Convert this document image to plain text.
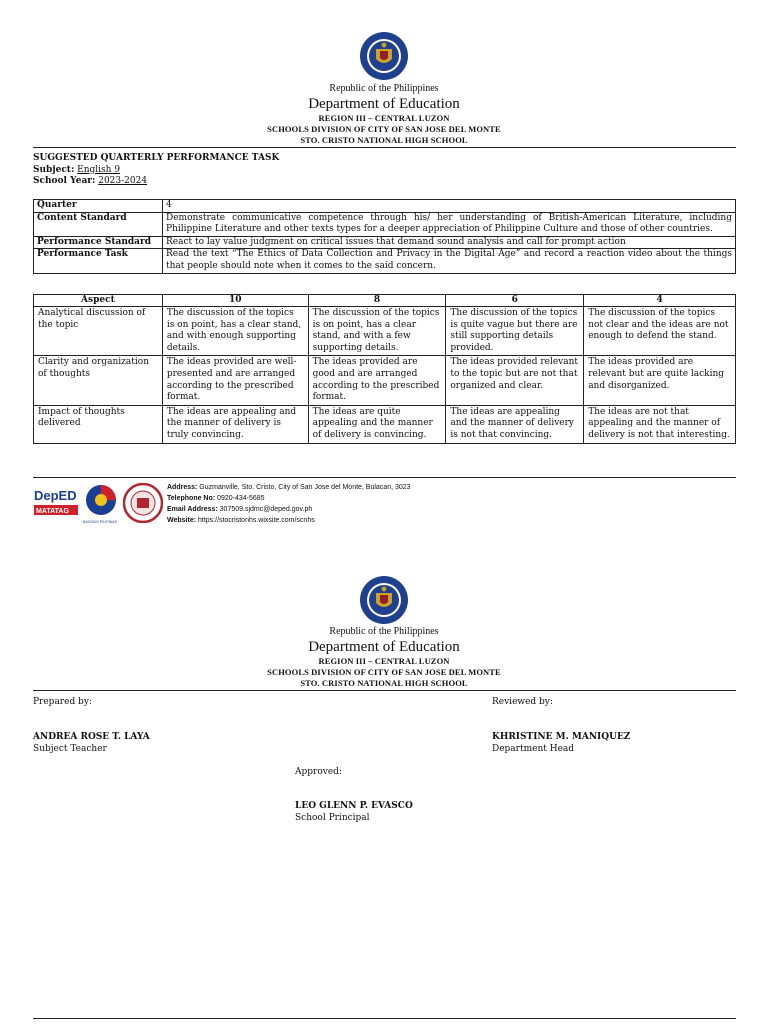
Republic of the Philippines
Department of Education
REGION III – CENTRAL LUZON
SCHOOLS DIVISION OF CITY OF SAN JOSE DEL MONTE
STO. CRISTO NATIONAL HIGH SCHOOL
SUGGESTED QUARTERLY PERFORMANCE TASK
Subject: English 9
School Year: 2023-2024
Quarter	4
Content Standard	Demonstrate communicative competence through his/ her understanding of British-American Literature, including Philippine Literature and other texts types for a deeper appreciation of Philippine Culture and those of other countries.
Performance Standard	React to lay value judgment on critical issues that demand sound analysis and call for prompt action
Performance Task	Read the text “The Ethics of Data Collection and Privacy in the Digital Age” and record a reaction video about the things that people should note when it comes to the said concern.
Aspect	10	8	6	4
Analytical discussion of the topic	The discussion of the topics is on point, has a clear stand, and with enough supporting details.	The discussion of the topics is on point, has a clear stand, and with a few supporting details.	The discussion of the topics is quite vague but there are still supporting details provided.	The discussion of the topics not clear and the ideas are not enough to defend the stand.
Clarity and organization of thoughts	The ideas provided are well-presented and are arranged according to the prescribed format.	The ideas provided are good and are arranged according to the prescribed format.	The ideas provided relevant to the topic but are not that organized and clear.	The ideas provided are relevant but are quite lacking and disorganized.
Impact of thoughts delivered	The ideas are appealing and the manner of delivery is truly convincing.	The ideas are quite appealing and the manner of delivery is convincing.	The ideas are appealing and the manner of delivery is not that convincing.	The ideas are not that appealing and the manner of delivery is not that interesting.
DepED
MATATAG
BAGONG PILIPINAS
Address: Guzmanville, Sto. Cristo, City of San Jose del Monte, Bulacan, 3023
Telephone No: 0920-434-5685
Email Address: 307509.sjdmc@deped.gov.ph
Website: https://stocristonhs.wixsite.com/scnhs
Republic of the Philippines
Department of Education
REGION III – CENTRAL LUZON
SCHOOLS DIVISION OF CITY OF SAN JOSE DEL MONTE
STO. CRISTO NATIONAL HIGH SCHOOL
Prepared by:	Reviewed by:
ANDREA ROSE T. LAYA
Subject Teacher
KHRISTINE M. MANIQUEZ
Department Head
Approved:
LEO GLENN P. EVASCO
School Principal
